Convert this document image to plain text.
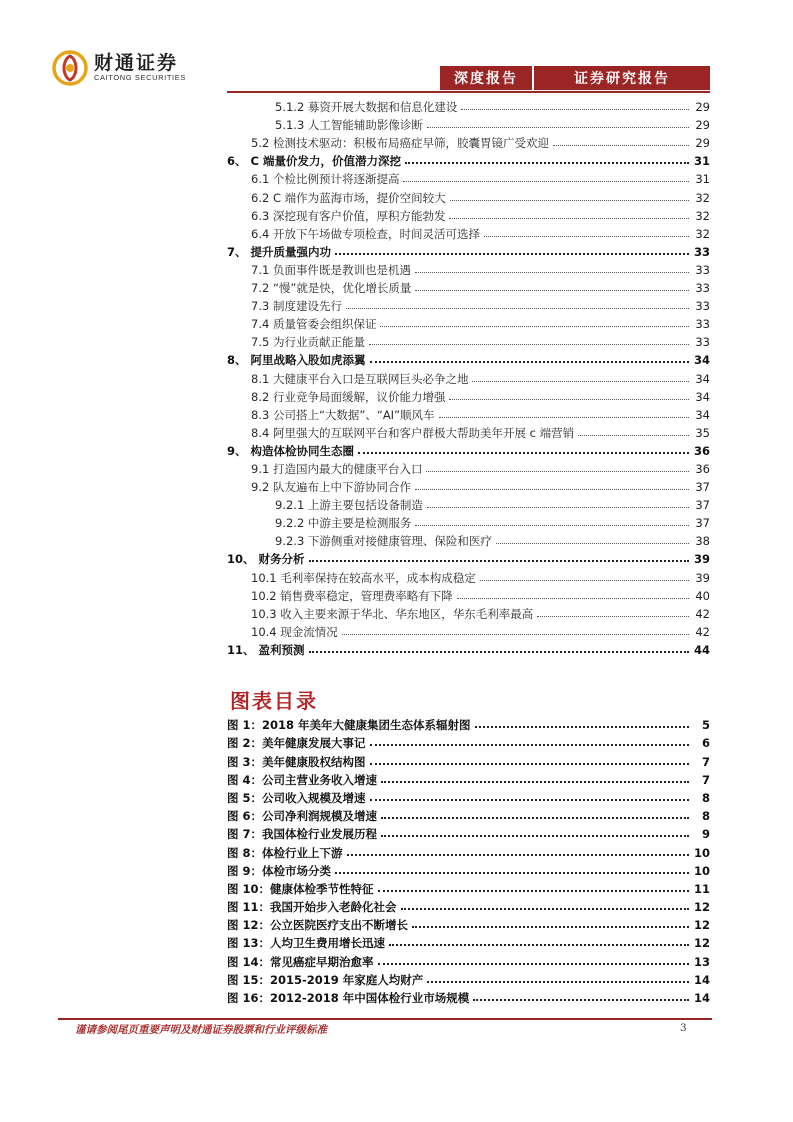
财通证券
CAITONG SECURITIES	深度报告	证券研究报告
5.1.2 募资开展大数据和信息化建设	29
5.1.3 人工智能辅助影像诊断	29
5.2 检测技术驱动：积极布局癌症早筛，胶囊胃镜广受欢迎	29
6、 C 端量价发力，价值潜力深挖	31
6.1 个检比例预计将逐渐提高	31
6.2 C 端作为蓝海市场，提价空间较大	32
6.3 深挖现有客户价值，厚积方能勃发	32
6.4 开放下午场做专项检查，时间灵活可选择	32
7、 提升质量强内功	33
7.1 负面事件既是教训也是机遇	33
7.2 “慢”就是快，优化增长质量	33
7.3 制度建设先行	33
7.4 质量管委会组织保证	33
7.5 为行业贡献正能量	33
8、 阿里战略入股如虎添翼	34
8.1 大健康平台入口是互联网巨头必争之地	34
8.2 行业竞争局面缓解，议价能力增强	34
8.3 公司搭上“大数据”、“AI”顺风车	34
8.4 阿里强大的互联网平台和客户群极大帮助美年开展 c 端营销	35
9、 构造体检协同生态圈	36
9.1 打造国内最大的健康平台入口	36
9.2 队友遍布上中下游协同合作	37
9.2.1 上游主要包括设备制造	37
9.2.2 中游主要是检测服务	37
9.2.3 下游侧重对接健康管理、保险和医疗	38
10、 财务分析	39
10.1 毛利率保持在较高水平，成本构成稳定	39
10.2 销售费率稳定，管理费率略有下降	40
10.3 收入主要来源于华北、华东地区，华东毛利率最高	42
10.4 现金流情况	42
11、 盈利预测	44
图表目录
图 1：2018 年美年大健康集团生态体系辐射图	5
图 2：美年健康发展大事记	6
图 3：美年健康股权结构图	7
图 4：公司主营业务收入增速	7
图 5：公司收入规模及增速	8
图 6：公司净利润规模及增速	8
图 7：我国体检行业发展历程	9
图 8：体检行业上下游	10
图 9：体检市场分类	10
图 10：健康体检季节性特征	11
图 11：我国开始步入老龄化社会	12
图 12：公立医院医疗支出不断增长	12
图 13：人均卫生费用增长迅速	12
图 14：常见癌症早期治愈率	13
图 15：2015-2019 年家庭人均财产	14
图 16：2012-2018 年中国体检行业市场规模	14
谨请参阅尾页重要声明及财通证券股票和行业评级标准	3
